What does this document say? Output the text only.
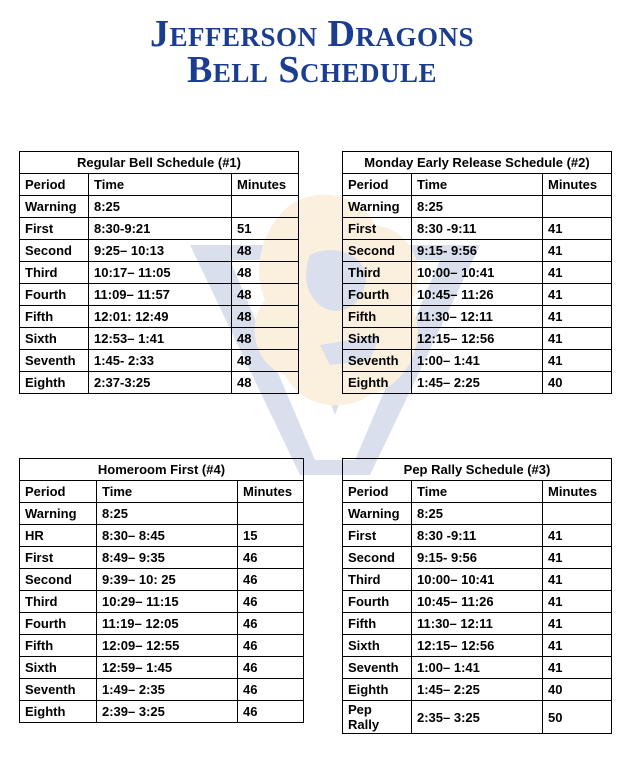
Jefferson Dragons
Bell Schedule
Regular Bell Schedule (#1)		
Period	Time	Minutes
Warning	8:25	
First	8:30-9:21	51
Second	9:25– 10:13	48
Third	10:17– 11:05	48
Fourth	11:09– 11:57	48
Fifth	12:01: 12:49	48
Sixth	12:53– 1:41	48
Seventh	1:45- 2:33	48
Eighth	2:37-3:25	48
Monday Early Release Schedule (#2)		
Period	Time	Minutes
Warning	8:25	
First	8:30 -9:11	41
Second	9:15- 9:56	41
Third	10:00– 10:41	41
Fourth	10:45– 11:26	41
Fifth	11:30– 12:11	41
Sixth	12:15– 12:56	41
Seventh	1:00– 1:41	41
Eighth	1:45– 2:25	40
Homeroom First (#4)		
Period	Time	Minutes
Warning	8:25	
HR	8:30– 8:45	15
First	8:49– 9:35	46
Second	9:39– 10: 25	46
Third	10:29– 11:15	46
Fourth	11:19– 12:05	46
Fifth	12:09– 12:55	46
Sixth	12:59– 1:45	46
Seventh	1:49– 2:35	46
Eighth	2:39– 3:25	46
Pep Rally Schedule (#3)		
Period	Time	Minutes
Warning	8:25	
First	8:30 -9:11	41
Second	9:15- 9:56	41
Third	10:00– 10:41	41
Fourth	10:45– 11:26	41
Fifth	11:30– 12:11	41
Sixth	12:15– 12:56	41
Seventh	1:00– 1:41	41
Eighth	1:45– 2:25	40
Pep Rally	2:35– 3:25	50
